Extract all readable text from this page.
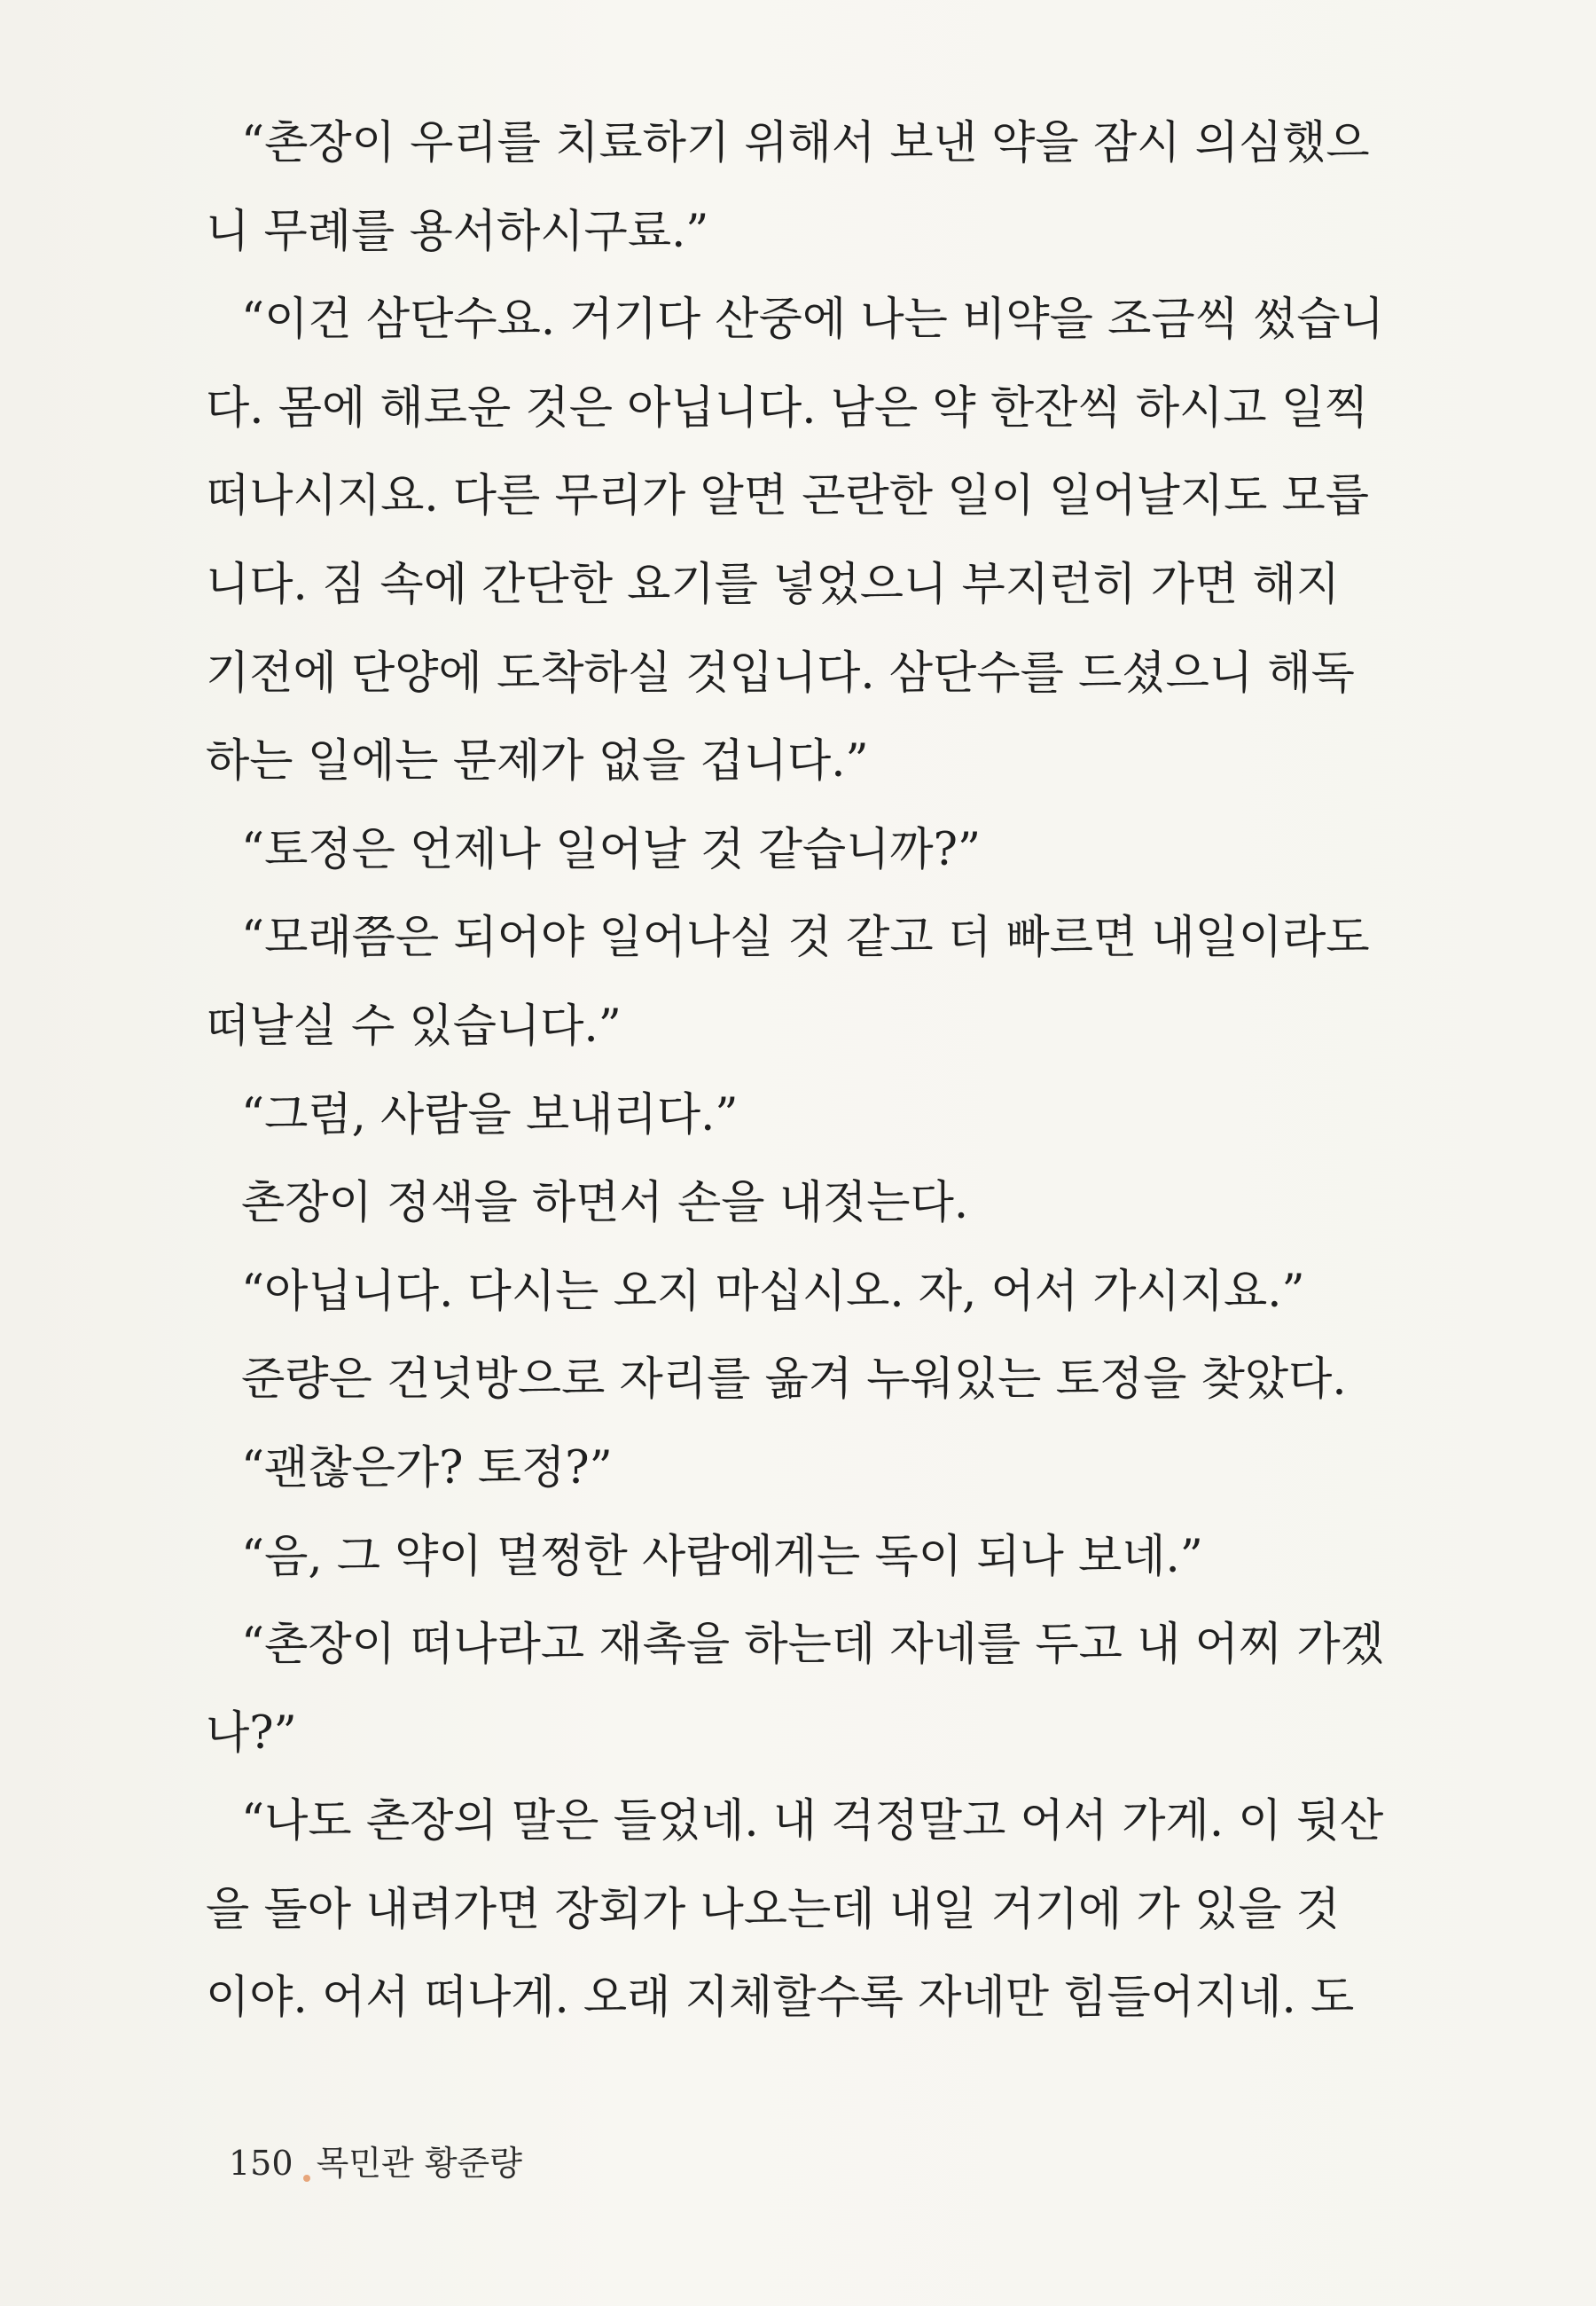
“촌장이 우리를 치료하기 위해서 보낸 약을 잠시 의심했으
니 무례를 용서하시구료.”
“이건 삼단수요. 거기다 산중에 나는 비약을 조금씩 썼습니
다. 몸에 해로운 것은 아닙니다. 남은 약 한잔씩 하시고 일찍
떠나시지요. 다른 무리가 알면 곤란한 일이 일어날지도 모릅
니다. 짐 속에 간단한 요기를 넣었으니 부지런히 가면 해지
기전에 단양에 도착하실 것입니다. 삼단수를 드셨으니 해독
하는 일에는 문제가 없을 겁니다.”
“토정은 언제나 일어날 것 같습니까?”
“모래쯤은 되어야 일어나실 것 같고 더 빠르면 내일이라도
떠날실 수 있습니다.”
“그럼, 사람을 보내리다.”
촌장이 정색을 하면서 손을 내젓는다.
“아닙니다. 다시는 오지 마십시오. 자, 어서 가시지요.”
준량은 건넛방으로 자리를 옮겨 누워있는 토정을 찾았다.
“괜찮은가? 토정?”
“음, 그 약이 멀쩡한 사람에게는 독이 되나 보네.”
“촌장이 떠나라고 재촉을 하는데 자네를 두고 내 어찌 가겠
나?”
“나도 촌장의 말은 들었네. 내 걱정말고 어서 가게. 이 뒷산
을 돌아 내려가면 장회가 나오는데 내일 거기에 가 있을 것
이야. 어서 떠나게. 오래 지체할수록 자네만 힘들어지네. 도
150 목민관 황준량
